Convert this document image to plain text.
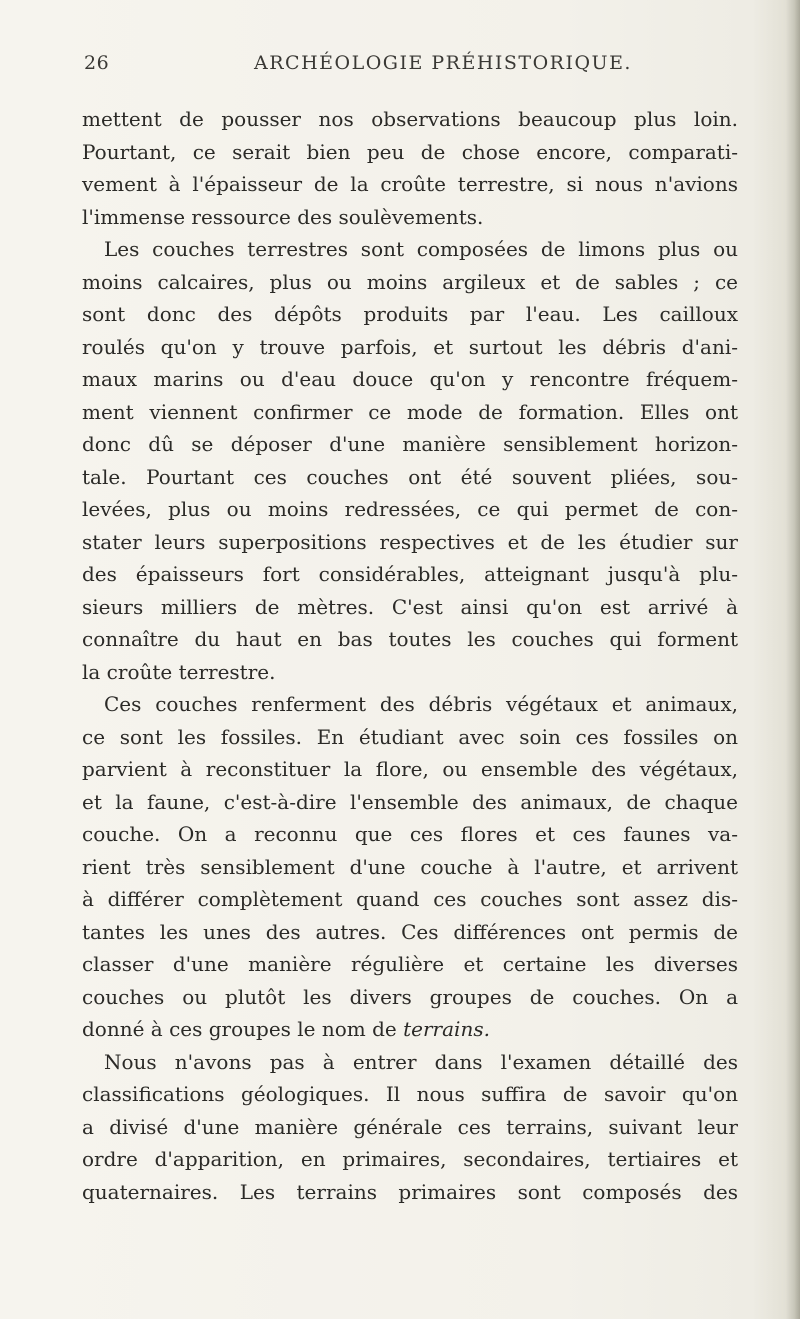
26	ARCHÉOLOGIE PRÉHISTORIQUE.
mettent de pousser nos observations beaucoup plus loin.
Pourtant, ce serait bien peu de chose encore, comparati-
vement à l'épaisseur de la croûte terrestre, si nous n'avions
l'immense ressource des soulèvements.
Les couches terrestres sont composées de limons plus ou
moins calcaires, plus ou moins argileux et de sables ; ce
sont donc des dépôts produits par l'eau. Les cailloux
roulés qu'on y trouve parfois, et surtout les débris d'ani-
maux marins ou d'eau douce qu'on y rencontre fréquem-
ment viennent confirmer ce mode de formation. Elles ont
donc dû se déposer d'une manière sensiblement horizon-
tale. Pourtant ces couches ont été souvent pliées, sou-
levées, plus ou moins redressées, ce qui permet de con-
stater leurs superpositions respectives et de les étudier sur
des épaisseurs fort considérables, atteignant jusqu'à plu-
sieurs milliers de mètres. C'est ainsi qu'on est arrivé à
connaître du haut en bas toutes les couches qui forment
la croûte terrestre.
Ces couches renferment des débris végétaux et animaux,
ce sont les fossiles. En étudiant avec soin ces fossiles on
parvient à reconstituer la flore, ou ensemble des végétaux,
et la faune, c'est-à-dire l'ensemble des animaux, de chaque
couche. On a reconnu que ces flores et ces faunes va-
rient très sensiblement d'une couche à l'autre, et arrivent
à différer complètement quand ces couches sont assez dis-
tantes les unes des autres. Ces différences ont permis de
classer d'une manière régulière et certaine les diverses
couches ou plutôt les divers groupes de couches. On a
donné à ces groupes le nom de terrains.
Nous n'avons pas à entrer dans l'examen détaillé des
classifications géologiques. Il nous suffira de savoir qu'on
a divisé d'une manière générale ces terrains, suivant leur
ordre d'apparition, en primaires, secondaires, tertiaires et
quaternaires. Les terrains primaires sont composés des
